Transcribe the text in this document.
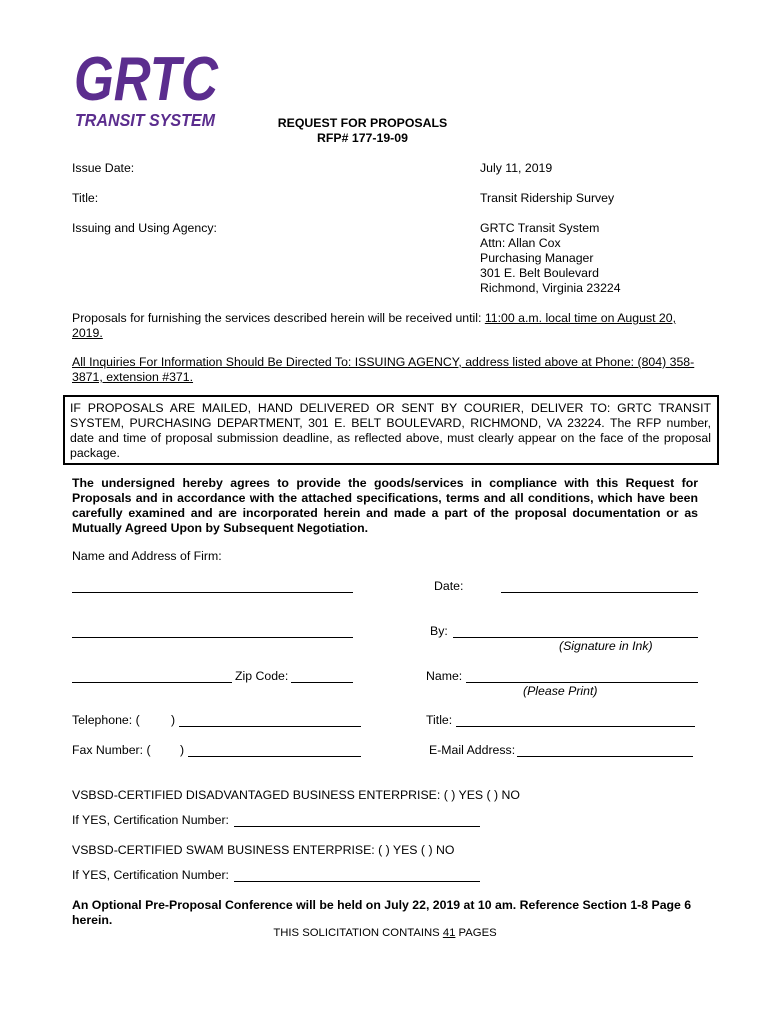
GRTC
TRANSIT SYSTEM	REQUEST FOR PROPOSALS
RFP# 177-19-09
Issue Date:	July 11, 2019
Title:	Transit Ridership Survey
Issuing and Using Agency:	GRTC Transit System
Attn: Allan Cox
Purchasing Manager
301 E. Belt Boulevard
Richmond, Virginia 23224
Proposals for furnishing the services described herein will be received until: 11:00 a.m. local time on August 20, 2019.
All Inquiries For Information Should Be Directed To: ISSUING AGENCY, address listed above at Phone: (804) 358-3871, extension #371.
IF PROPOSALS ARE MAILED, HAND DELIVERED OR SENT BY COURIER, DELIVER TO: GRTC TRANSIT SYSTEM, PURCHASING DEPARTMENT, 301 E. BELT BOULEVARD, RICHMOND, VA 23224. The RFP number, date and time of proposal submission deadline, as reflected above, must clearly appear on the face of the proposal package.
The undersigned hereby agrees to provide the goods/services in compliance with this Request for Proposals and in accordance with the attached specifications, terms and all conditions, which have been carefully examined and are incorporated herein and made a part of the proposal documentation or as Mutually Agreed Upon by Subsequent Negotiation.
Name and Address of Firm:
Date:
By:
(Signature in Ink)
Zip Code:	Name:
(Please Print)
Telephone: (	)	Title:
Fax Number: ( )	E-Mail Address:
VSBSD-CERTIFIED DISADVANTAGED BUSINESS ENTERPRISE: ( ) YES ( ) NO
If YES, Certification Number:
VSBSD-CERTIFIED SWAM BUSINESS ENTERPRISE: ( ) YES ( ) NO
If YES, Certification Number:
An Optional Pre-Proposal Conference will be held on July 22, 2019 at 10 am. Reference Section 1-8 Page 6 herein.
THIS SOLICITATION CONTAINS 41 PAGES
